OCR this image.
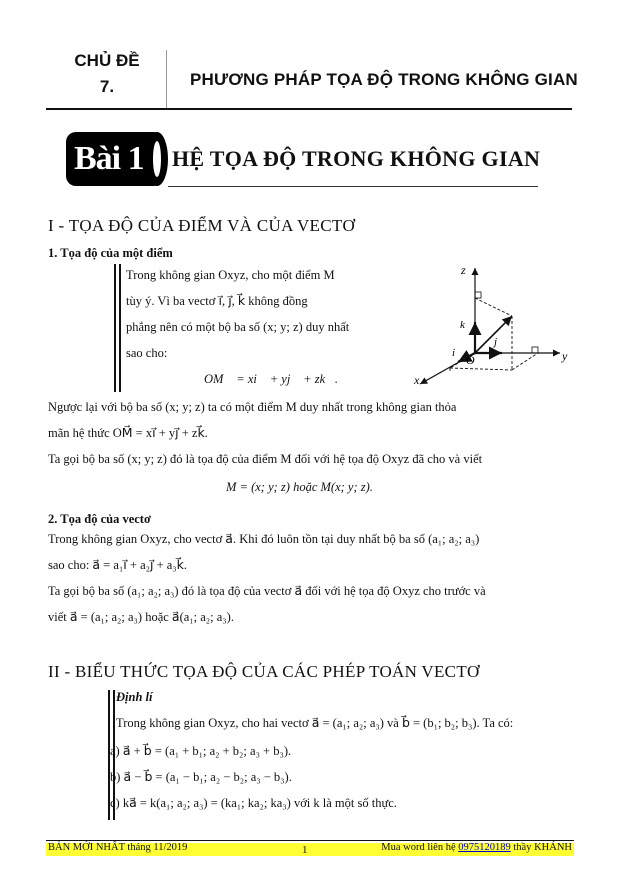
CHỦ ĐỀ
7.	PHƯƠNG PHÁP TỌA ĐỘ TRONG KHÔNG GIAN
Bài 1	HỆ TỌA ĐỘ TRONG KHÔNG GIAN
I - TỌA ĐỘ CỦA ĐIỂM VÀ CỦA VECTƠ
1. Tọa độ của một điểm
Trong không gian Oxyz, cho một điểm M
tùy ý. Vì ba vectơ i⃗, j⃗, k⃗ không đồng
phẳng nên có một bộ ba số (x; y; z) duy nhất
sao cho:
OM⃗ = xi⃗ + yj⃗ + zk⃗.
z
y
x
O
k⃗
i⃗
j⃗
Ngược lại với bộ ba số (x; y; z) ta có một điểm M duy nhất trong không gian thỏa
mãn hệ thức OM⃗ = xi⃗ + yj⃗ + zk⃗.
Ta gọi bộ ba số (x; y; z) đó là tọa độ của điểm M đối với hệ tọa độ Oxyz đã cho và viết
M = (x; y; z) hoặc M(x; y; z).
2. Tọa độ của vectơ
Trong không gian Oxyz, cho vectơ a⃗. Khi đó luôn tồn tại duy nhất bộ ba số (a₁; a₂; a₃)
sao cho: a⃗ = a₁i⃗ + a₂j⃗ + a₃k⃗.
Ta gọi bộ ba số (a₁; a₂; a₃) đó là tọa độ của vectơ a⃗ đối với hệ tọa độ Oxyz cho trước và
viết a⃗ = (a₁; a₂; a₃) hoặc a⃗(a₁; a₂; a₃).
II - BIỂU THỨC TỌA ĐỘ CỦA CÁC PHÉP TOÁN VECTƠ
Định lí
Trong không gian Oxyz, cho hai vectơ a⃗ = (a₁; a₂; a₃) và b⃗ = (b₁; b₂; b₃). Ta có:
a) a⃗ + b⃗ = (a₁ + b₁; a₂ + b₂; a₃ + b₃).
b) a⃗ − b⃗ = (a₁ − b₁; a₂ − b₂; a₃ − b₃).
c) ka⃗ = k(a₁; a₂; a₃) = (ka₁; ka₂; ka₃) với k là một số thực.
BẢN MỚI NHẤT tháng 11/2019	1	Mua word liên hệ 0975120189 thầy KHÁNH
